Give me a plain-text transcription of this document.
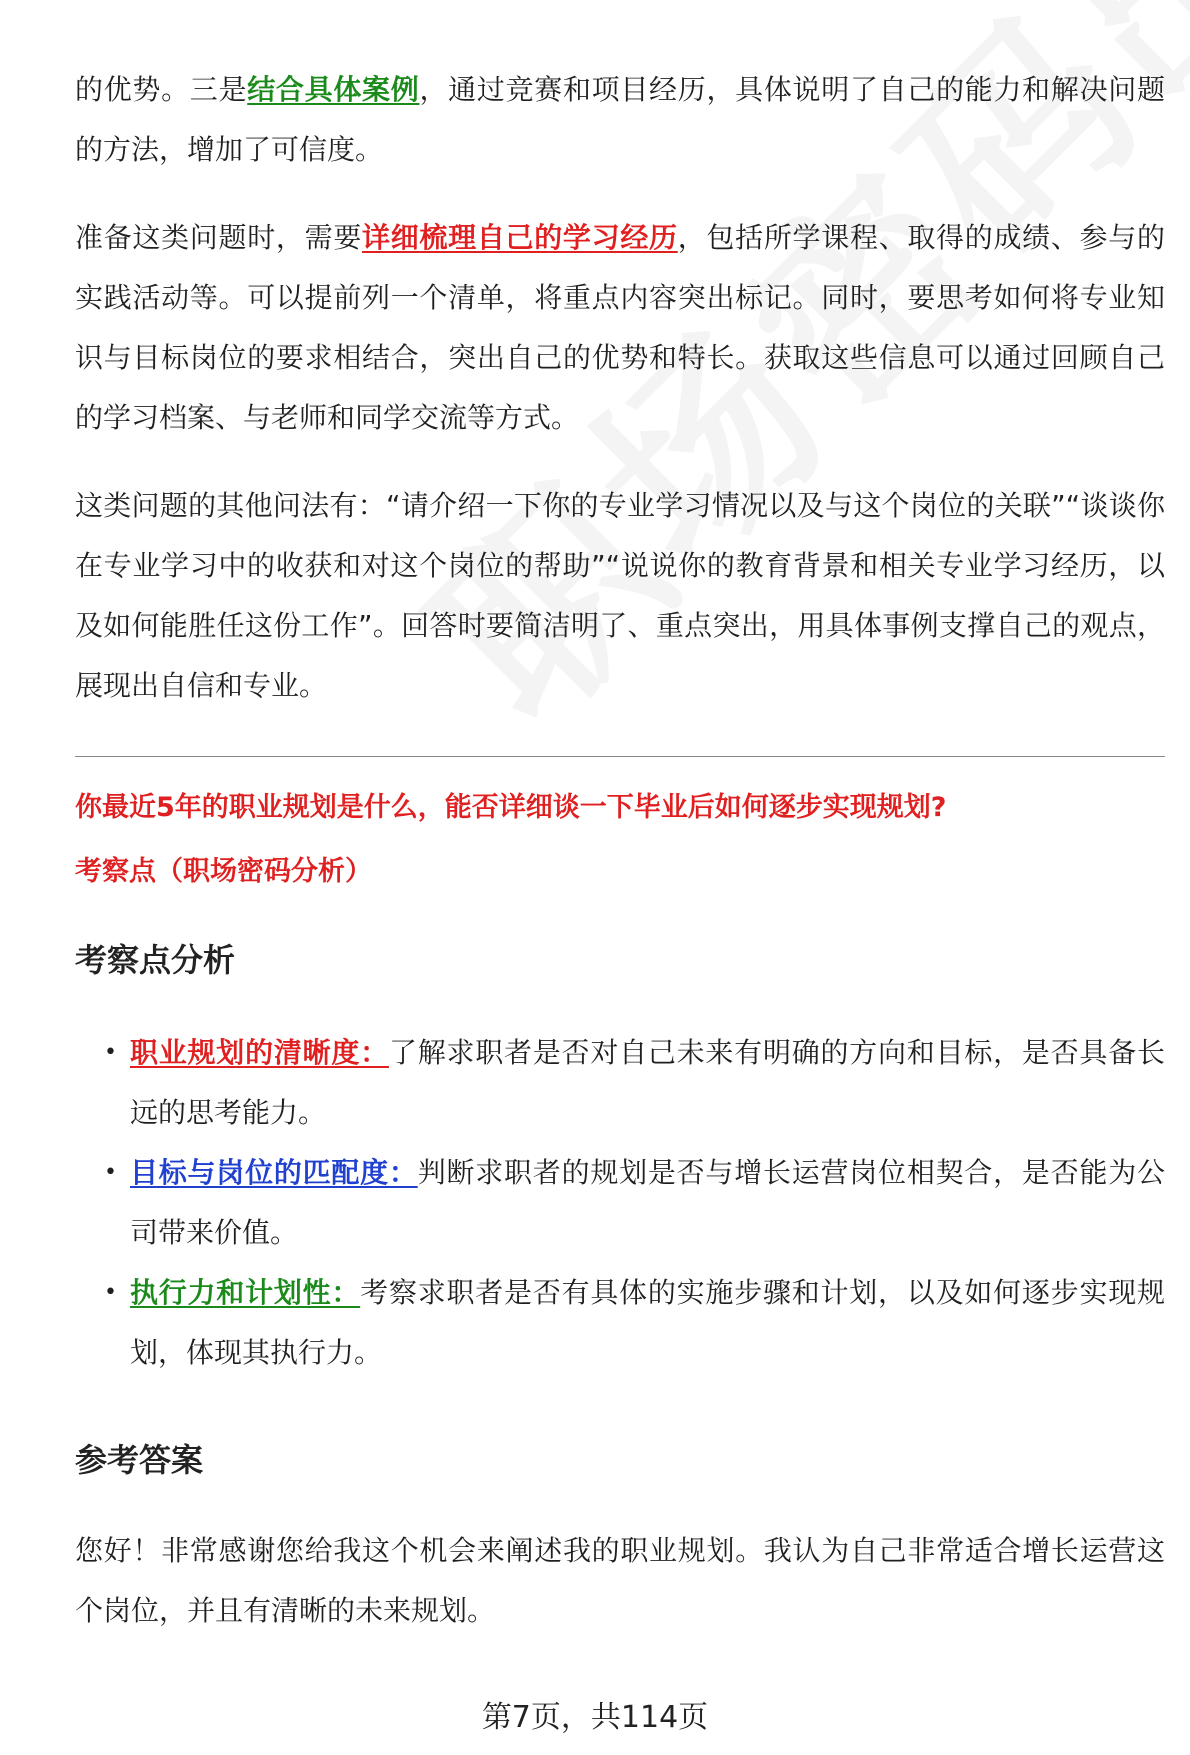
的优势。三是结合具体案例，通过竞赛和项目经历，具体说明了自己的能力和解决问题的方法，增加了可信度。

准备这类问题时，需要详细梳理自己的学习经历，包括所学课程、取得的成绩、参与的实践活动等。可以提前列一个清单，将重点内容突出标记。同时，要思考如何将专业知识与目标岗位的要求相结合，突出自己的优势和特长。获取这些信息可以通过回顾自己的学习档案、与老师和同学交流等方式。

这类问题的其他问法有：“请介绍一下你的专业学习情况以及与这个岗位的关联”“谈谈你在专业学习中的收获和对这个岗位的帮助”“说说你的教育背景和相关专业学习经历，以及如何能胜任这份工作”。回答时要简洁明了、重点突出，用具体事例支撑自己的观点，展现出自信和专业。

你最近5年的职业规划是什么，能否详细谈一下毕业后如何逐步实现规划?

考察点（职场密码分析）

考察点分析
• 职业规划的清晰度：了解求职者是否对自己未来有明确的方向和目标，是否具备长远的思考能力。
• 目标与岗位的匹配度：判断求职者的规划是否与增长运营岗位相契合，是否能为公司带来价值。
• 执行力和计划性：考察求职者是否有具体的实施步骤和计划，以及如何逐步实现规划，体现其执行力。
参考答案

您好！非常感谢您给我这个机会来阐述我的职业规划。我认为自己非常适合增长运营这个岗位，并且有清晰的未来规划。

第7页，共114页
